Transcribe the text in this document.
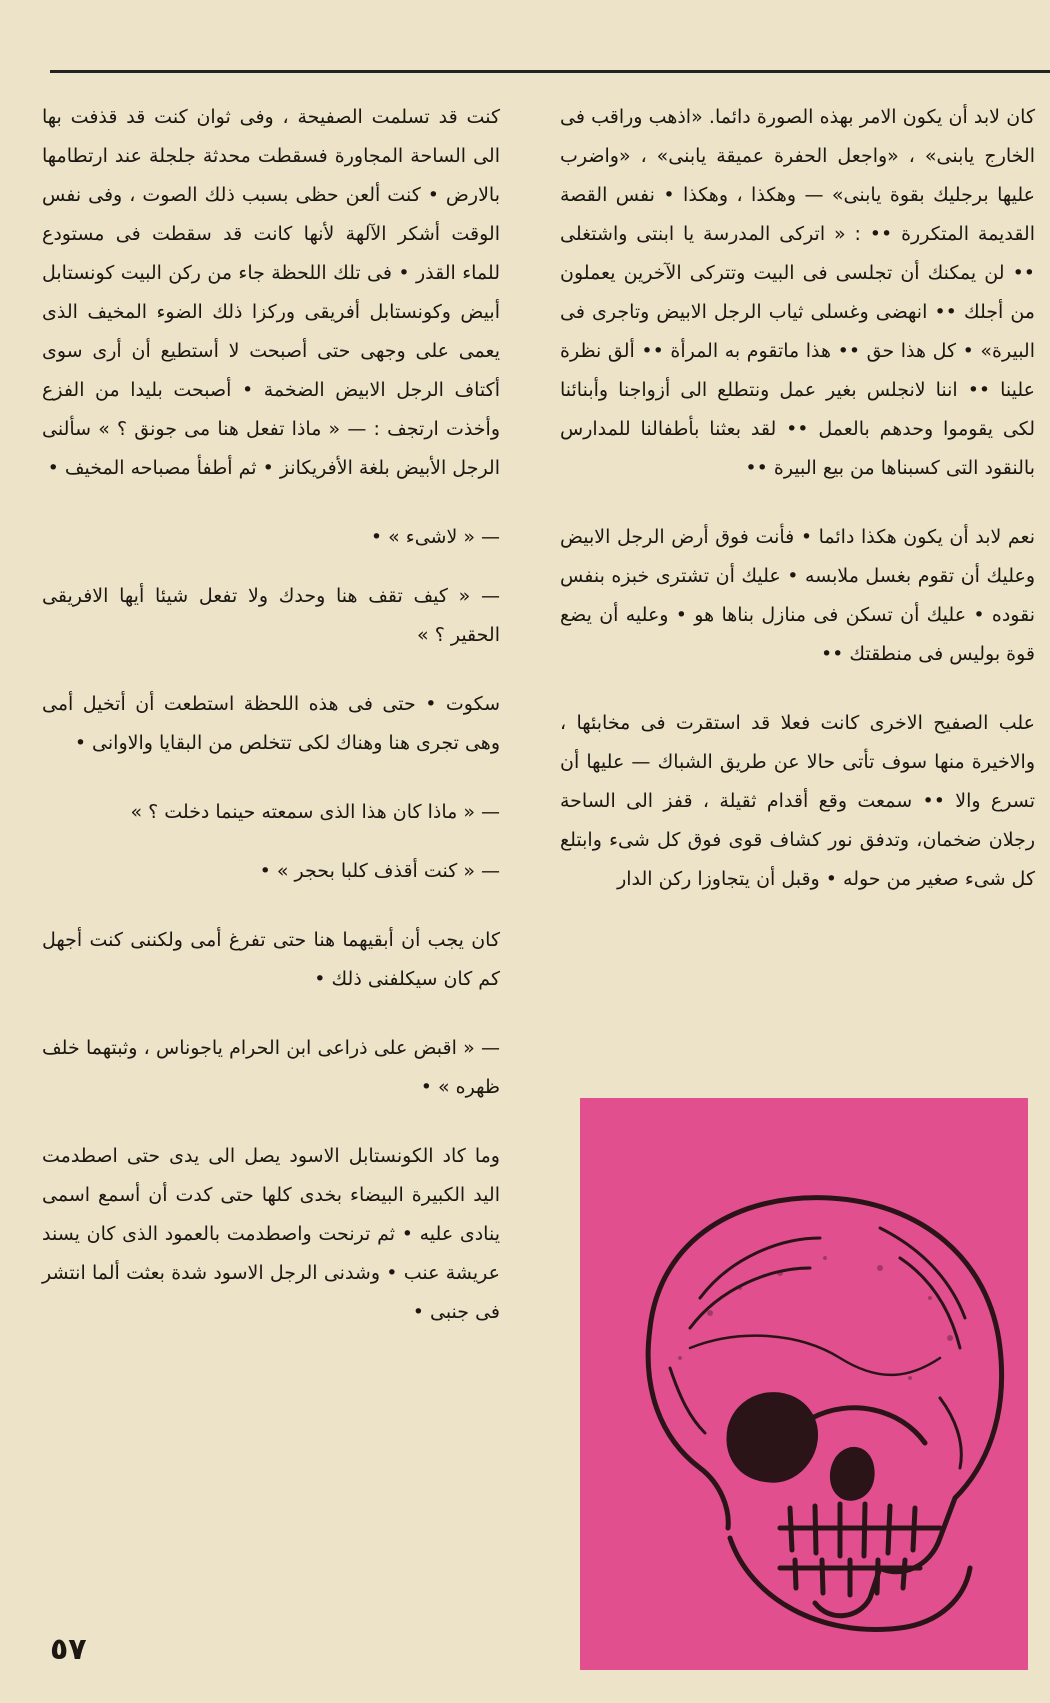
كان لابد أن يكون الامر بهذه الصورة دائما. «اذهب وراقب فى الخارج يابنى» ، «واجعل الحفرة عميقة يابنى» ، «واضرب عليها برجليك بقوة يابنى» — وهكذا ، وهكذا • نفس القصة القديمة المتكررة •• : « اتركى المدرسة يا ابنتى واشتغلى •• لن يمكنك أن تجلسى فى البيت وتتركى الآخرين يعملون من أجلك •• انهضى وغسلى ثياب الرجل الابيض وتاجرى فى البيرة» • كل هذا حق •• هذا ماتقوم به المرأة •• ألق نظرة علينا •• اننا لانجلس بغير عمل ونتطلع الى أزواجنا وأبنائنا لكى يقوموا وحدهم بالعمل •• لقد بعثنا بأطفالنا للمدارس بالنقود التى كسبناها من بيع البيرة ••

نعم لابد أن يكون هكذا دائما • فأنت فوق أرض الرجل الابيض وعليك أن تقوم بغسل ملابسه • عليك أن تشترى خبزه بنفس نقوده • عليك أن تسكن فى منازل بناها هو • وعليه أن يضع قوة بوليس فى منطقتك ••

علب الصفيح الاخرى كانت فعلا قد استقرت فى مخابئها ، والاخيرة منها سوف تأتى حالا عن طريق الشباك — عليها أن تسرع والا •• سمعت وقع أقدام ثقيلة ، قفز الى الساحة رجلان ضخمان، وتدفق نور كشاف قوى فوق كل شىء وابتلع كل شىء صغير من حوله • وقبل أن يتجاوزا ركن الدار

كنت قد تسلمت الصفيحة ، وفى ثوان كنت قد قذفت بها الى الساحة المجاورة فسقطت محدثة جلجلة عند ارتطامها بالارض • كنت ألعن حظى بسبب ذلك الصوت ، وفى نفس الوقت أشكر الآلهة لأنها كانت قد سقطت فى مستودع للماء القذر • فى تلك اللحظة جاء من ركن البيت كونستابل أبيض وكونستابل أفريقى وركزا ذلك الضوء المخيف الذى يعمى على وجهى حتى أصبحت لا أستطيع أن أرى سوى أكتاف الرجل الابيض الضخمة • أصبحت بليدا من الفزع وأخذت ارتجف : — « ماذا تفعل هنا مى جونق ؟ » سألنى الرجل الأبيض بلغة الأفريكانز • ثم أطفأ مصباحه المخيف •

— « لاشىء » •

— « كيف تقف هنا وحدك ولا تفعل شيئا أيها الافريقى الحقير ؟ »

سكوت • حتى فى هذه اللحظة استطعت أن أتخيل أمى وهى تجرى هنا وهناك لكى تتخلص من البقايا والاوانى •

— « ماذا كان هذا الذى سمعته حينما دخلت ؟ »

— « كنت أقذف كلبا بحجر » •

كان يجب أن أبقيهما هنا حتى تفرغ أمى ولكننى كنت أجهل كم كان سيكلفنى ذلك •

— « اقبض على ذراعى ابن الحرام ياجوناس ، وثبتهما خلف ظهره » •

وما كاد الكونستابل الاسود يصل الى يدى حتى اصطدمت اليد الكبيرة البيضاء بخدى كلها حتى كدت أن أسمع اسمى ينادى عليه • ثم ترنحت واصطدمت بالعمود الذى كان يسند عريشة عنب • وشدنى الرجل الاسود شدة بعثت ألما انتشر فى جنبى •

٥٧
